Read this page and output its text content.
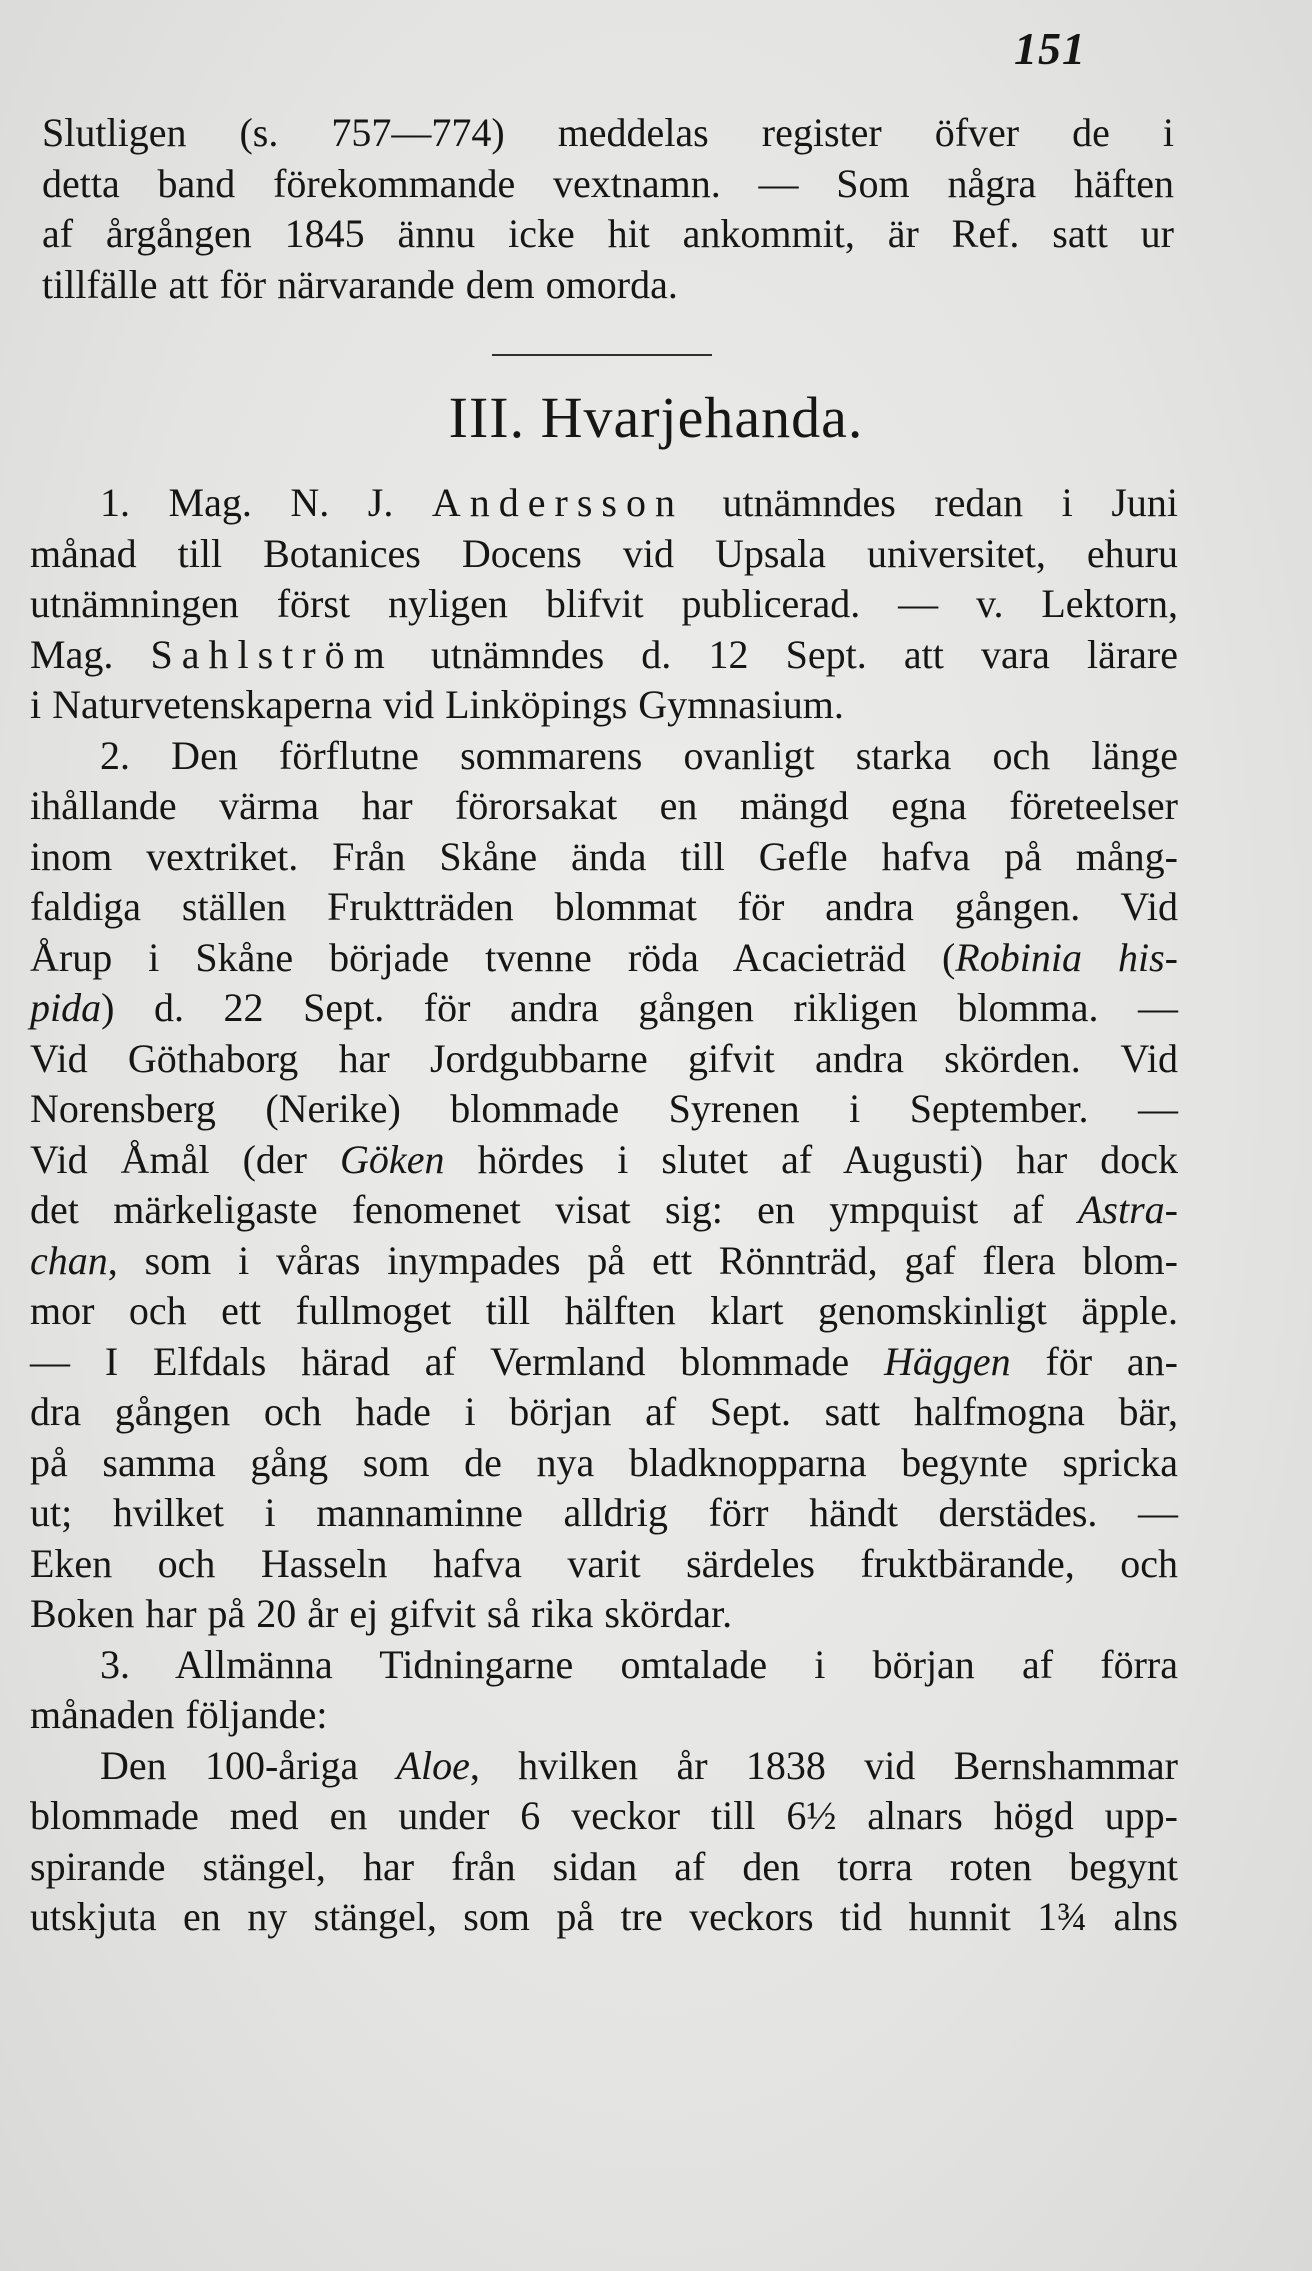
151
Slutligen (s. 757—774) meddelas register öfver de i
detta band förekommande vextnamn. — Som några häften
af årgången 1845 ännu icke hit ankommit, är Ref. satt ur
tillfälle att för närvarande dem omorda.
III. Hvarjehanda.
1. Mag. N. J. Andersson utnämndes redan i Juni
månad till Botanices Docens vid Upsala universitet, ehuru
utnämningen först nyligen blifvit publicerad. — v. Lektorn,
Mag. Sahlström utnämndes d. 12 Sept. att vara lärare
i Naturvetenskaperna vid Linköpings Gymnasium.
2. Den förflutne sommarens ovanligt starka och länge
ihållande värma har förorsakat en mängd egna företeelser
inom vextriket. Från Skåne ända till Gefle hafva på mång-
faldiga ställen Fruktträden blommat för andra gången. Vid
Årup i Skåne började tvenne röda Acacieträd (Robinia his-
pida) d. 22 Sept. för andra gången rikligen blomma. —
Vid Göthaborg har Jordgubbarne gifvit andra skörden. Vid
Norensberg (Nerike) blommade Syrenen i September. —
Vid Åmål (der Göken hördes i slutet af Augusti) har dock
det märkeligaste fenomenet visat sig: en ympquist af Astra-
chan, som i våras inympades på ett Rönnträd, gaf flera blom-
mor och ett fullmoget till hälften klart genomskinligt äpple.
— I Elfdals härad af Vermland blommade Häggen för an-
dra gången och hade i början af Sept. satt halfmogna bär,
på samma gång som de nya bladknopparna begynte spricka
ut; hvilket i mannaminne alldrig förr händt derstädes. —
Eken och Hasseln hafva varit särdeles fruktbärande, och
Boken har på 20 år ej gifvit så rika skördar.
3. Allmänna Tidningarne omtalade i början af förra
månaden följande:
Den 100-åriga Aloe, hvilken år 1838 vid Bernshammar
blommade med en under 6 veckor till 6½ alnars högd upp-
spirande stängel, har från sidan af den torra roten begynt
utskjuta en ny stängel, som på tre veckors tid hunnit 1¾ alns
